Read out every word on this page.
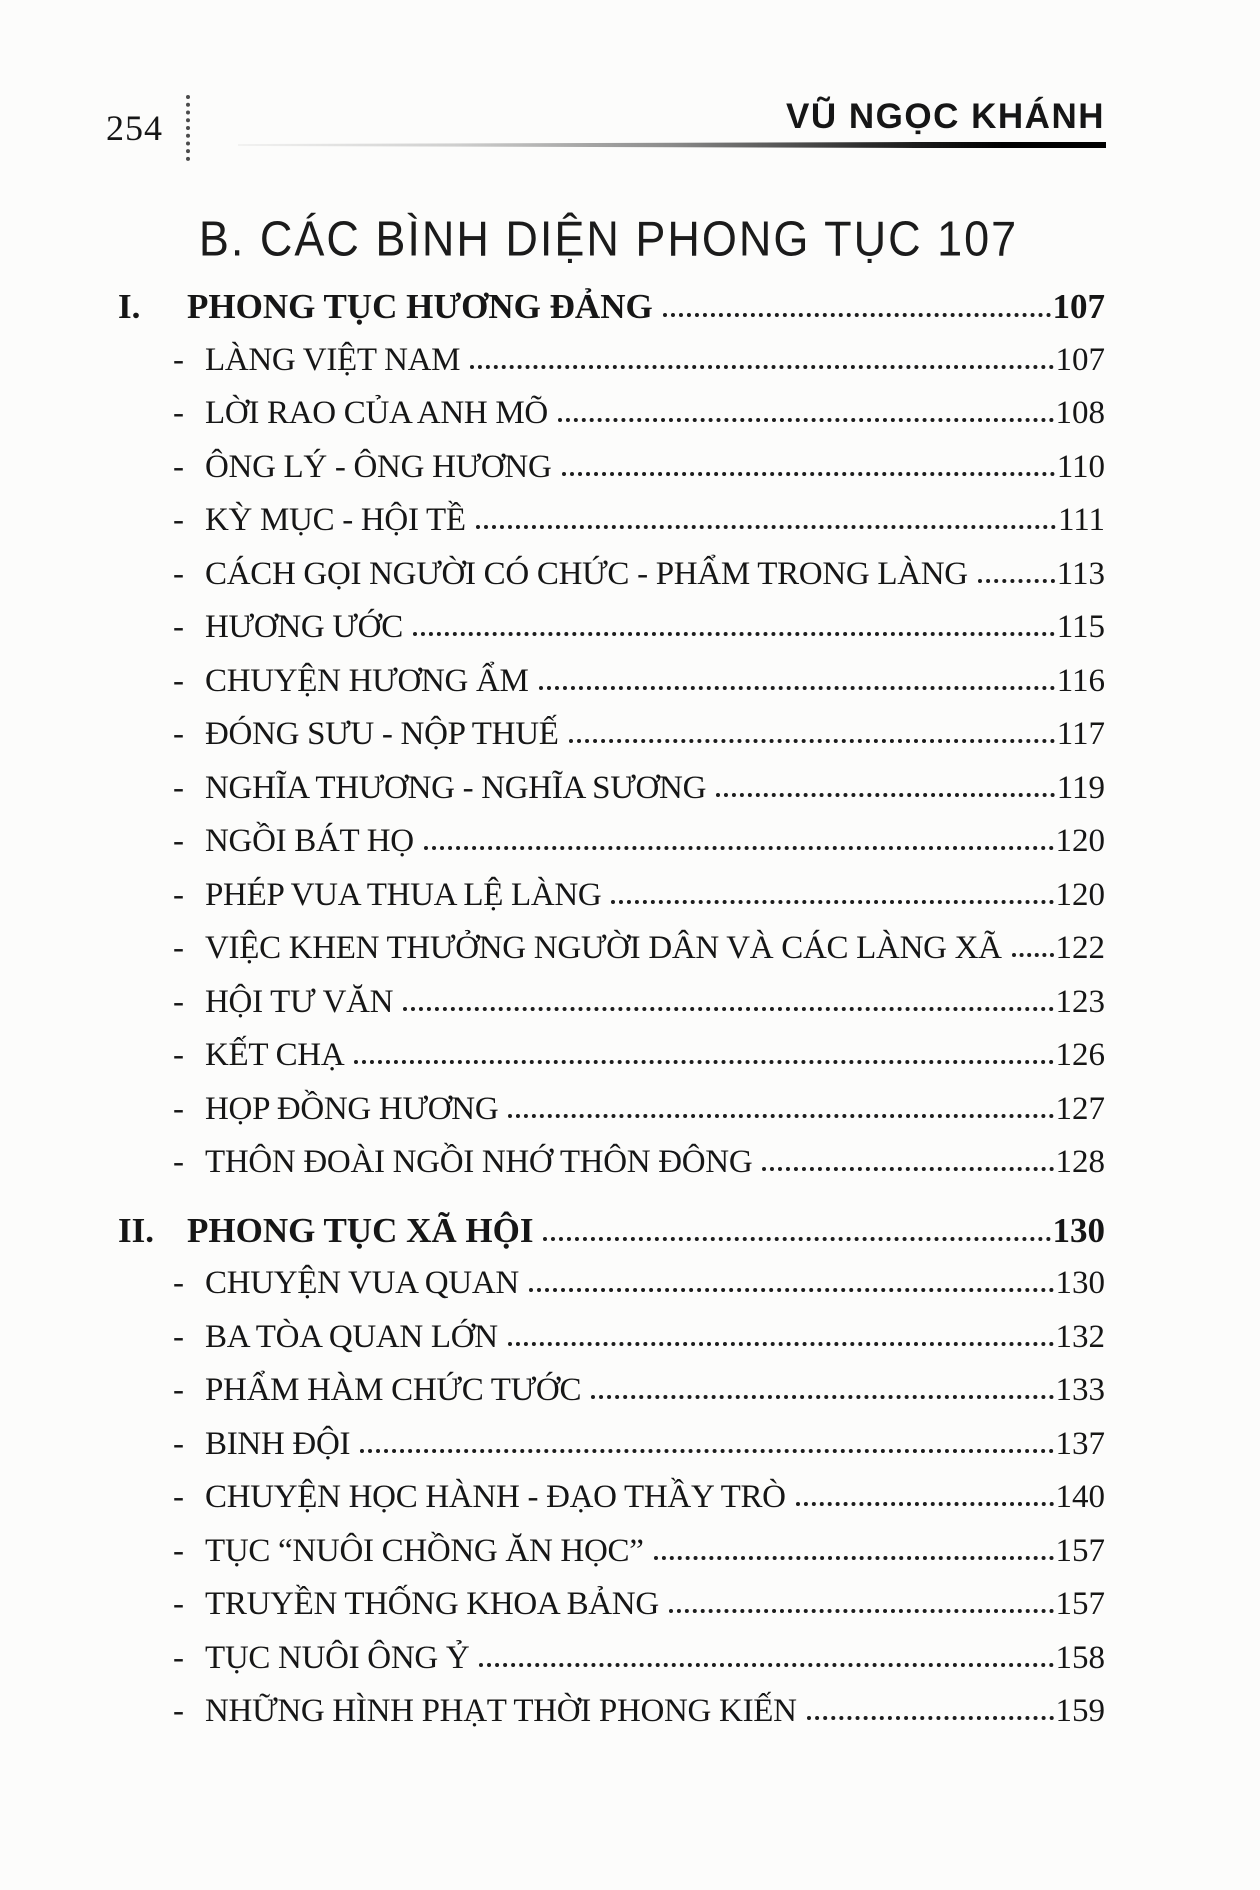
254	VŨ NGỌC KHÁNH
B. CÁC BÌNH DIỆN PHONG TỤC 107
I.	PHONG TỤC HƯƠNG ĐẢNG	107
- LÀNG VIỆT NAM	107
- LỜI RAO CỦA ANH MÕ	108
- ÔNG LÝ - ÔNG HƯƠNG	110
- KỲ MỤC - HỘI TỀ	111
- CÁCH GỌI NGƯỜI CÓ CHỨC - PHẨM TRONG LÀNG	113
- HƯƠNG ƯỚC	115
- CHUYỆN HƯƠNG ẨM	116
- ĐÓNG SƯU - NỘP THUẾ	117
- NGHĨA THƯƠNG - NGHĨA SƯƠNG	119
- NGỒI BÁT HỌ	120
- PHÉP VUA THUA LỆ LÀNG	120
- VIỆC KHEN THƯỞNG NGƯỜI DÂN VÀ CÁC LÀNG XÃ 122
- HỘI TƯ VĂN	123
- KẾT CHẠ	126
- HỌP ĐỒNG HƯƠNG	127
- THÔN ĐOÀI NGỒI NHỚ THÔN ĐÔNG	128
II. PHONG TỤC XÃ HỘI	130
- CHUYỆN VUA QUAN	130
- BA TÒA QUAN LỚN	132
- PHẨM HÀM CHỨC TƯỚC	133
- BINH ĐỘI	137
- CHUYỆN HỌC HÀNH - ĐẠO THẦY TRÒ	140
- TỤC “NUÔI CHỒNG ĂN HỌC”	157
- TRUYỀN THỐNG KHOA BẢNG	157
- TỤC NUÔI ÔNG Ỷ	158
- NHỮNG HÌNH PHẠT THỜI PHONG KIẾN	159
